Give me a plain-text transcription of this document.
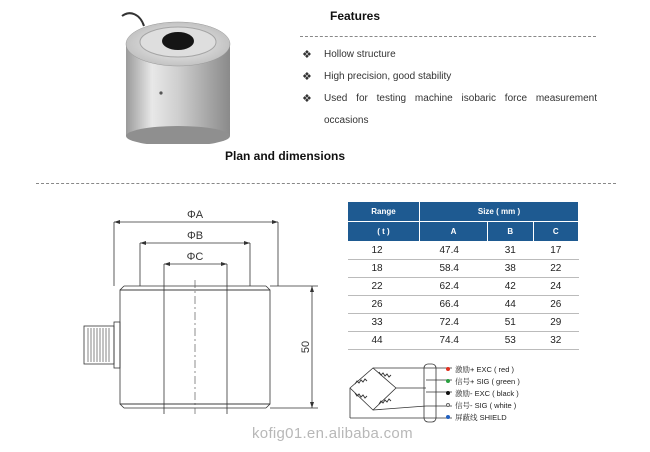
Features
❖	Hollow structure
❖	High precision, good stability
❖	Used for testing machine isobaric force measurement occasions
Plan and dimensions
ΦA
ΦB
ΦC
50
Range	Size ( mm )		
( t )	A	B	C
12	47.4	31	17
18	58.4	38	22
22	62.4	42	24
26	66.4	44	26
33	72.4	51	29
44	74.4	53	32
激励+ EXC ( red )
信号+ SIG ( green )
激励- EXC ( black )
信号- SIG ( white )
屏蔽线 SHIELD
kofig01.en.alibaba.com
